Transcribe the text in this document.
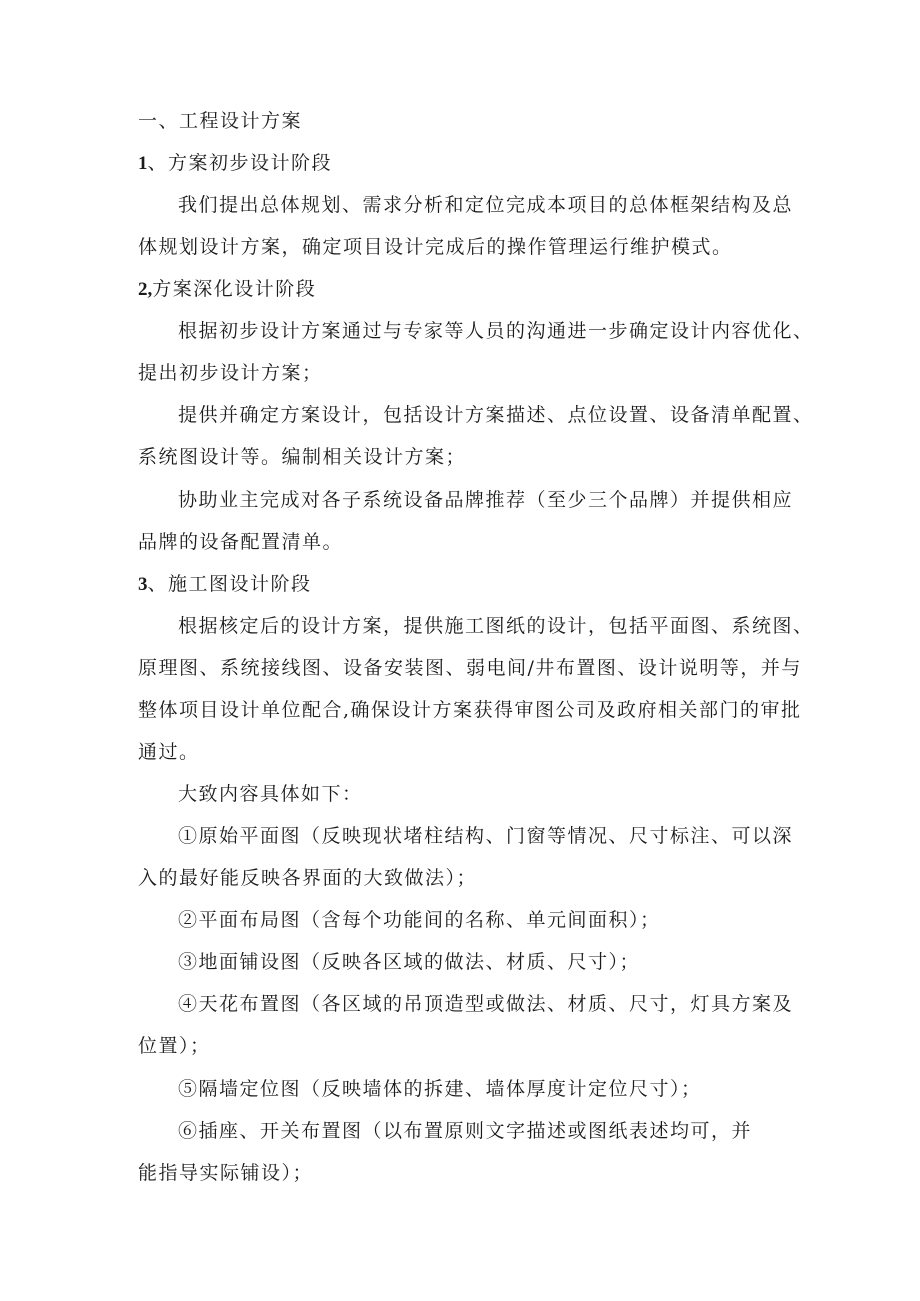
一、工程设计方案
1、方案初步设计阶段
我们提出总体规划、需求分析和定位完成本项目的总体框架结构及总
体规划设计方案，确定项目设计完成后的操作管理运行维护模式。
2,方案深化设计阶段
根据初步设计方案通过与专家等人员的沟通进一步确定设计内容优化、
提出初步设计方案；
提供并确定方案设计，包括设计方案描述、点位设置、设备清单配置、
系统图设计等。编制相关设计方案；
协助业主完成对各子系统设备品牌推荐（至少三个品牌）并提供相应
品牌的设备配置清单。
3、施工图设计阶段
根据核定后的设计方案，提供施工图纸的设计，包括平面图、系统图、
原理图、系统接线图、设备安装图、弱电间/井布置图、设计说明等，并与
整体项目设计单位配合,确保设计方案获得审图公司及政府相关部门的审批
通过。
大致内容具体如下：
①原始平面图（反映现状堵柱结构、门窗等情况、尺寸标注、可以深
入的最好能反映各界面的大致做法）；
②平面布局图（含每个功能间的名称、单元间面积）；
③地面铺设图（反映各区域的做法、材质、尺寸）；
④天花布置图（各区域的吊顶造型或做法、材质、尺寸，灯具方案及
位置）；
⑤隔墙定位图（反映墙体的拆建、墙体厚度计定位尺寸）；
⑥插座、开关布置图（以布置原则文字描述或图纸表述均可，并
能指导实际铺设）；
